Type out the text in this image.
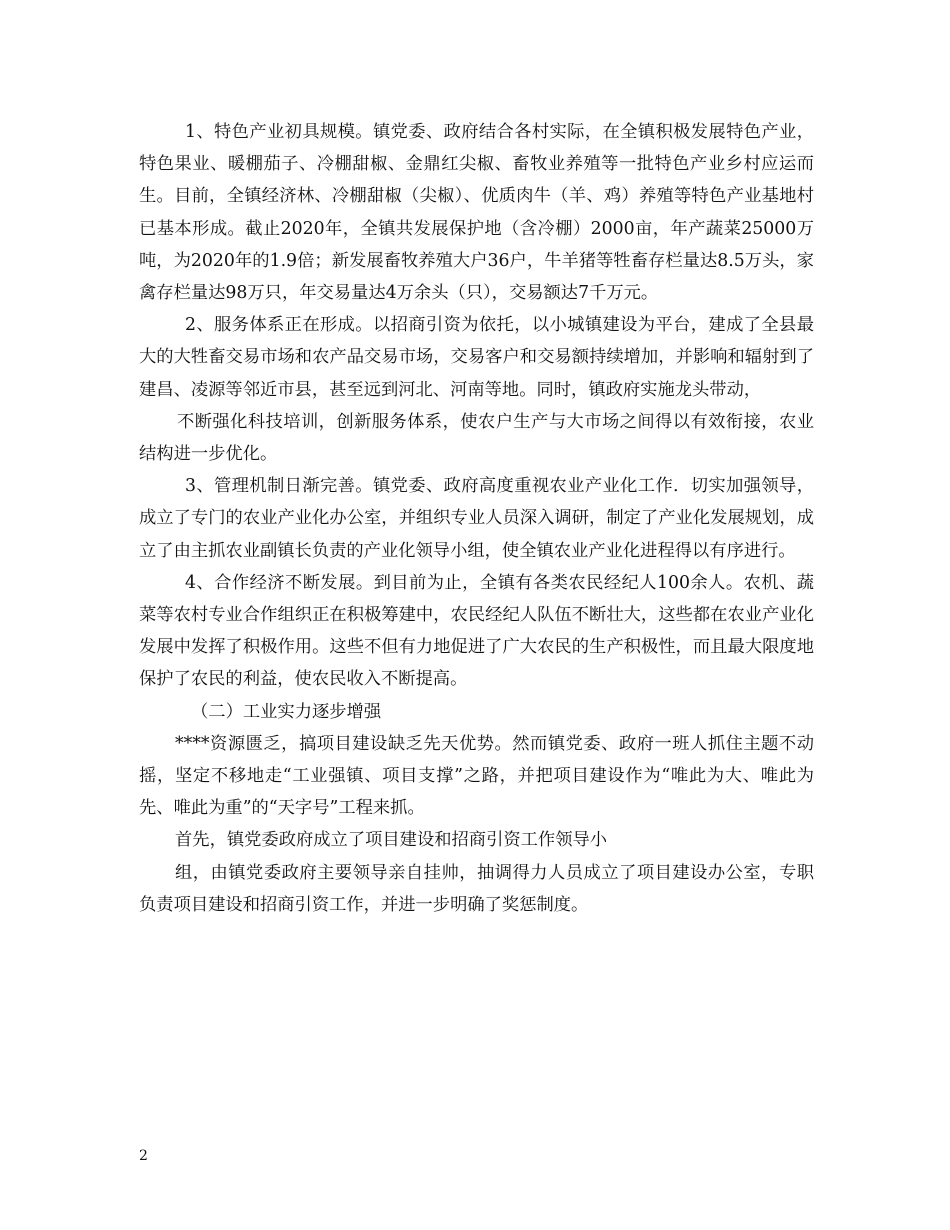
1、特色产业初具规模。镇党委、政府结合各村实际，在全镇积极发展特色产业，特色果业、暖棚茄子、冷棚甜椒、金鼎红尖椒、畜牧业养殖等一批特色产业乡村应运而生。目前，全镇经济林、冷棚甜椒（尖椒）、优质肉牛（羊、鸡）养殖等特色产业基地村已基本形成。截止2020年，全镇共发展保护地（含冷棚）2000亩，年产蔬菜25000万吨，为2020年的1.9倍；新发展畜牧养殖大户36户，牛羊猪等牲畜存栏量达8.5万头，家禽存栏量达98万只，年交易量达4万余头（只），交易额达7千万元。

2、服务体系正在形成。以招商引资为依托，以小城镇建设为平台，建成了全县最大的大牲畜交易市场和农产品交易市场，交易客户和交易额持续增加，并影响和辐射到了建昌、凌源等邻近市县，甚至远到河北、河南等地。同时，镇政府实施龙头带动，

不断强化科技培训，创新服务体系，使农户生产与大市场之间得以有效衔接，农业结构进一步优化。

3、管理机制日渐完善。镇党委、政府高度重视农业产业化工作．切实加强领导，成立了专门的农业产业化办公室，并组织专业人员深入调研，制定了产业化发展规划，成立了由主抓农业副镇长负责的产业化领导小组，使全镇农业产业化进程得以有序进行。

4、合作经济不断发展。到目前为止，全镇有各类农民经纪人100余人。农机、蔬菜等农村专业合作组织正在积极筹建中，农民经纪人队伍不断壮大，这些都在农业产业化发展中发挥了积极作用。这些不但有力地促进了广大农民的生产积极性，而且最大限度地保护了农民的利益，使农民收入不断提高。

（二）工业实力逐步增强

****资源匮乏，搞项目建设缺乏先天优势。然而镇党委、政府一班人抓住主题不动摇，坚定不移地走“工业强镇、项目支撑”之路，并把项目建设作为“唯此为大、唯此为先、唯此为重”的“天字号”工程来抓。

首先，镇党委政府成立了项目建设和招商引资工作领导小

组，由镇党委政府主要领导亲自挂帅，抽调得力人员成立了项目建设办公室，专职负责项目建设和招商引资工作，并进一步明确了奖惩制度。

2
